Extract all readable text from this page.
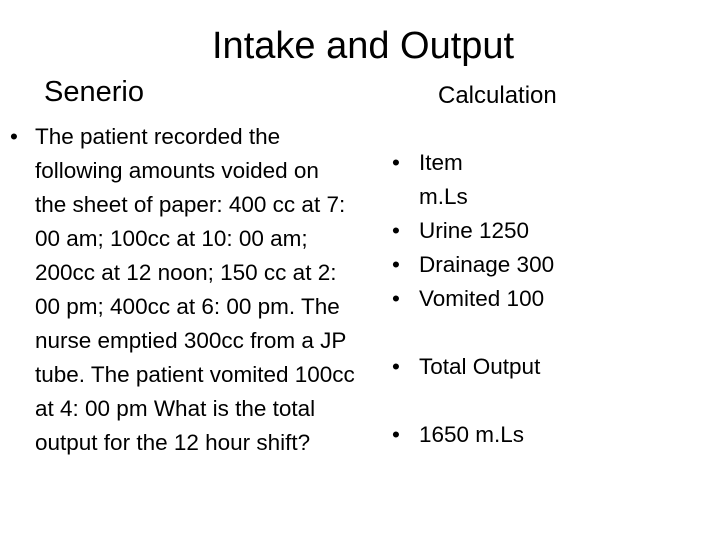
Intake and Output
Senerio	Calculation
• The patient recorded the following amounts voided on the sheet of paper: 400 cc at 7: 00 am; 100cc at 10: 00 am; 200cc at 12 noon; 150 cc at 2: 00 pm; 400cc at 6: 00 pm. The nurse emptied 300cc from a JP tube. The patient vomited 100cc at 4: 00 pm What is the total output for the 12 hour shift?
• Item
m.Ls
• Urine 1250
• Drainage 300
• Vomited 100
• Total Output
• 1650 m.Ls
